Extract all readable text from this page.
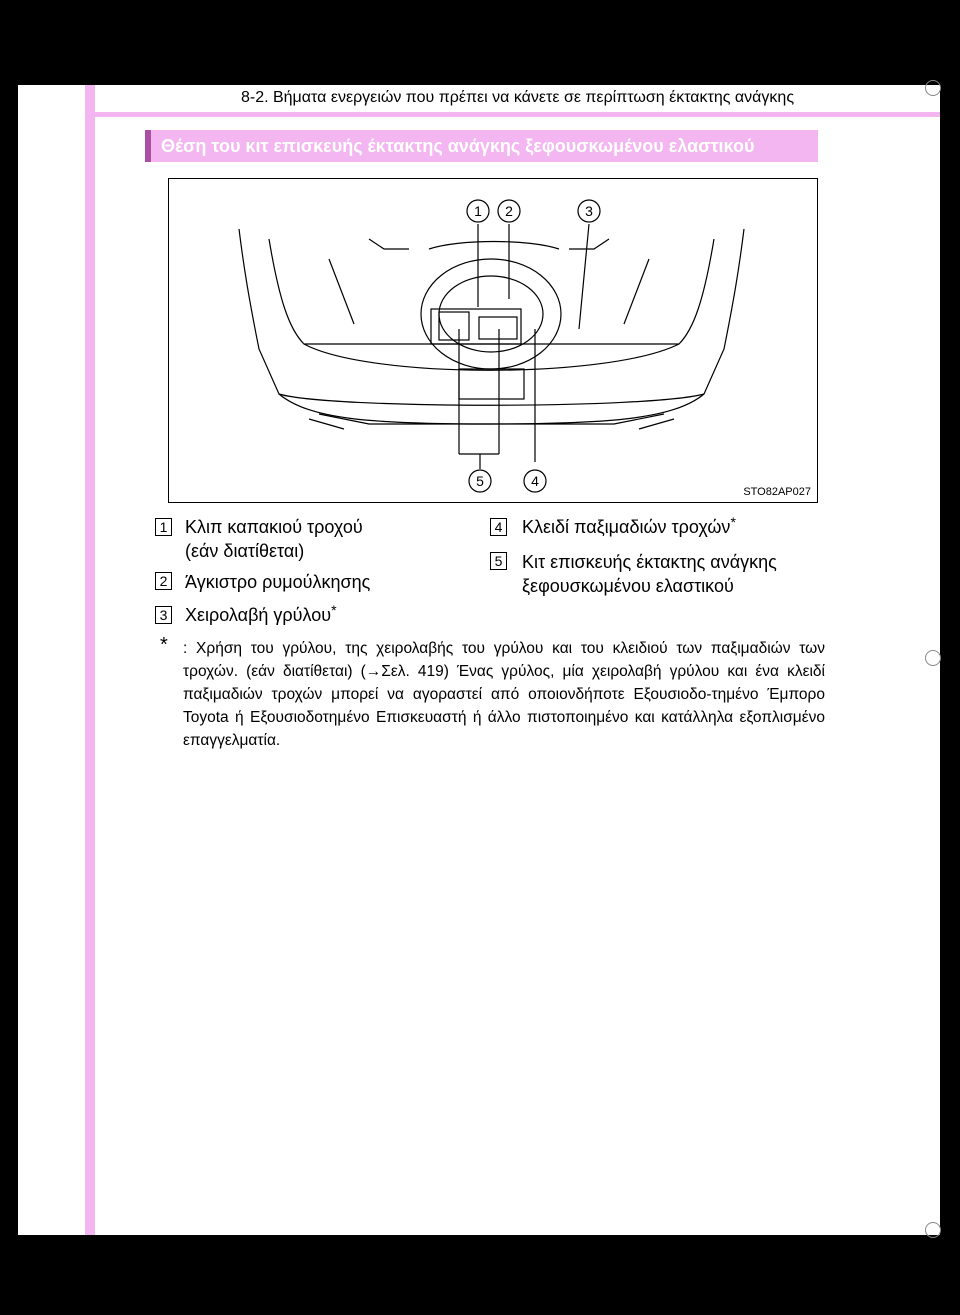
8-2. Βήματα ενεργειών που πρέπει να κάνετε σε περίπτωση έκτακτης ανάγκης
Θέση του κιτ επισκευής έκτακτης ανάγκης ξεφουσκωμένου ελαστικού
1 2	3
4
5
STO82AP027
1 Κλιπ καπακιού τροχού
(εάν διατίθεται)
2 Άγκιστρο ρυμούλκησης
3 Χειρολαβή γρύλου*
4 Κλειδί παξιμαδιών τροχών*
5 Κιτ επισκευής έκτακτης ανάγκης
ξεφουσκωμένου ελαστικού
* : Χρήση του γρύλου, της χειρολαβής του γρύλου και του κλειδιού των παξιμαδιών των τροχών. (εάν διατίθεται) (→Σελ. 419) Ένας γρύλος, μία χειρολαβή γρύλου και ένα κλειδί παξιμαδιών τροχών μπορεί να αγοραστεί από οποιονδήποτε Εξουσιοδο-τημένο Έμπορο Toyota ή Εξουσιοδοτημένο Επισκευαστή ή άλλο πιστοποιημένο και κατάλληλα εξοπλισμένο επαγγελματία.
